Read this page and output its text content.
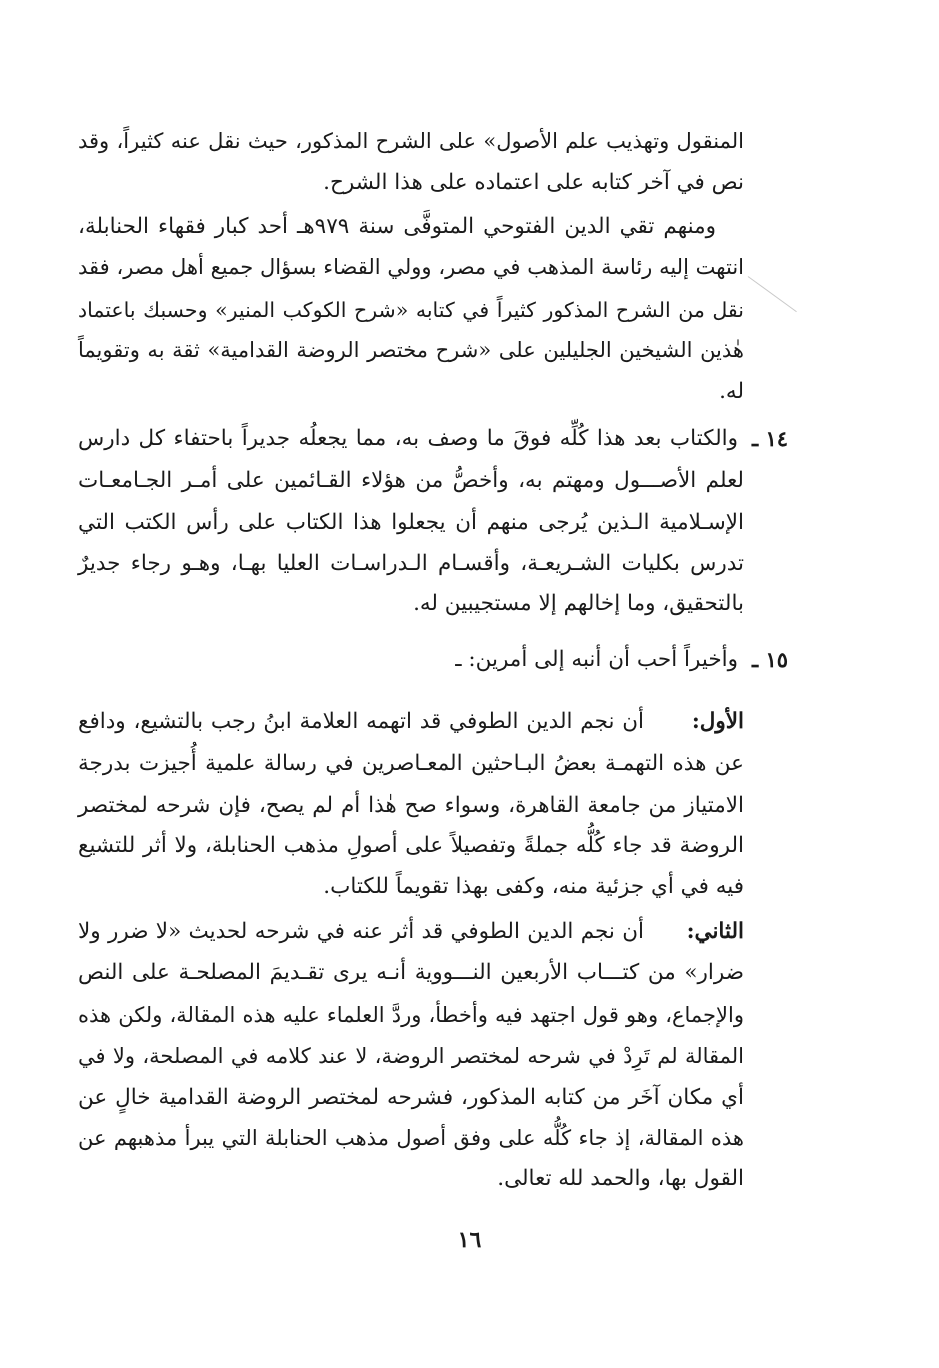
المنقول وتهذيب علم الأصول» على الشرح المذكور، حيث نقل عنه كثيراً، وقد
نص في آخر كتابه على اعتماده على هذا الشرح.
ومنهم تقي الدين الفتوحي المتوفَّى سنة ٩٧٩هـ أحد كبار فقهاء الحنابلة،
انتهت إليه رئاسة المذهب في مصر، وولي القضاء بسؤال جميع أهل مصر، فقد
نقل من الشرح المذكور كثيراً في كتابه «شرح الكوكب المنير» وحسبك باعتماد
هٰذين الشيخين الجليلين على «شرح مختصر الروضة القدامية» ثقة به وتقويماً
له.
١٤ ـ
والكتاب بعد هذا كُلِّه فوقَ ما وصف به، مما يجعلُه جديراً باحتفاء كل دارس
لعلم الأصـــول ومهتم به، وأخصُّ من هؤلاء القـائمين على أمـر الجـامعـات
الإسـلامية الـذين يُرجى منهم أن يجعلوا هذا الكتاب على رأس الكتب التي
تدرس بكليات الشـريعـة، وأقسـام الـدراسـات العليا بهـا، وهـو رجاء جديرٌ
بالتحقيق، وما إخالهم إلا مستجيبين له.
١٥ ـ
وأخيراً أحب أن أنبه إلى أمرين: ـ
الأول:
أن نجم الدين الطوفي قد اتهمه العلامة ابنُ رجب بالتشيع، ودافع
عن هذه التهمـة بعضُ البـاحثين المعـاصرين في رسالة علمية أُجيزت بدرجة
الامتياز من جامعة القاهرة، وسواء صح هٰذا أم لم يصح، فإن شرحه لمختصر
الروضة قد جاء كُلُّه جملةً وتفصيلاً على أصولِ مذهب الحنابلة، ولا أثر للتشيع
فيه في أي جزئية منه، وكفى بهذا تقويماً للكتاب.
الثاني:
أن نجم الدين الطوفي قد أثر عنه في شرحه لحديث «لا ضرر ولا
ضرار» من كتـــاب الأربعين النـــووية أنـه يرى تقـديمَ المصلحـة على النص
والإجماع، وهو قول اجتهد فيه وأخطأ، وردَّ العلماء عليه هذه المقالة، ولكن هذه
المقالة لم تَرِدْ في شرحه لمختصر الروضة، لا عند كلامه في المصلحة، ولا في
أي مكان آخَر من كتابه المذكور، فشرحه لمختصر الروضة القدامية خالٍ عن
هذه المقالة، إذ جاء كُلُّه على وفق أصول مذهب الحنابلة التي يبرأ مذهبهم عن
القول بها، والحمد لله تعالى.
١٦
